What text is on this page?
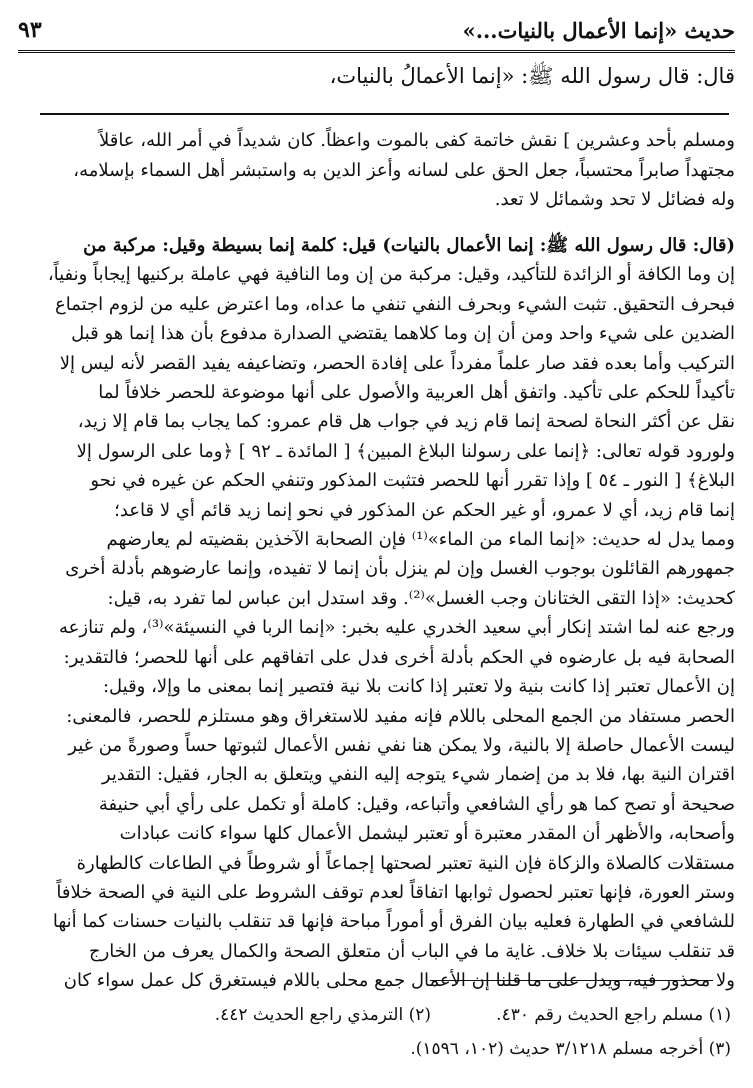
حديث «إنما الأعمال بالنيات...»
٩٣
قال: قال رسول الله ﷺ: «إنما الأعمالُ بالنيات،

ومسلم بأحد وعشرين ] نقش خاتمة كفى بالموت واعظاً. كان شديداً في أمر الله، عاقلاً

مجتهداً صابراً محتسباً، جعل الحق على لسانه وأعز الدين به واستبشر أهل السماء بإسلامه،

وله فضائل لا تحد وشمائل لا تعد.

(قال: قال رسول الله ﷺ: إنما الأعمال بالنيات) قيل: كلمة إنما بسيطة وقيل: مركبة من

إن وما الكافة أو الزائدة للتأكيد، وقيل: مركبة من إن وما النافية فهي عاملة بركنيها إيجاباً ونفياً،

فبحرف التحقيق. تثبت الشيء وبحرف النفي تنفي ما عداه، وما اعترض عليه من لزوم اجتماع

الضدين على شيء واحد ومن أن إن وما كلاهما يقتضي الصدارة مدفوع بأن هذا إنما هو قبل

التركيب وأما بعده فقد صار علماً مفرداً على إفادة الحصر، وتضاعيفه يفيد القصر لأنه ليس إلا

تأكيداً للحكم على تأكيد. واتفق أهل العربية والأصول على أنها موضوعة للحصر خلافاً لما

نقل عن أكثر النحاة لصحة إنما قام زيد في جواب هل قام عمرو: كما يجاب بما قام إلا زيد،

ولورود قوله تعالى: ﴿إنما على رسولنا البلاغ المبين﴾ [ المائدة ـ ٩٢ ] ﴿وما على الرسول إلا

البلاغ﴾ [ النور ـ ٥٤ ] وإذا تقرر أنها للحصر فتثبت المذكور وتنفي الحكم عن غيره في نحو

إنما قام زيد، أي لا عمرو، أو غير الحكم عن المذكور في نحو إنما زيد قائم أي لا قاعد؛

ومما يدل له حديث: «إنما الماء من الماء»⁽¹⁾ فإن الصحابة الآخذين بقضيته لم يعارضهم

جمهورهم القائلون بوجوب الغسل وإن لم ينزل بأن إنما لا تفيده، وإنما عارضوهم بأدلة أخرى

كحديث: «إذا التقى الختانان وجب الغسل»⁽²⁾. وقد استدل ابن عباس لما تفرد به، قيل:

ورجع عنه لما اشتد إنكار أبي سعيد الخدري عليه بخبر: «إنما الربا في النسيئة»⁽³⁾، ولم تنازعه

الصحابة فيه بل عارضوه في الحكم بأدلة أخرى فدل على اتفاقهم على أنها للحصر؛ فالتقدير:

إن الأعمال تعتبر إذا كانت بنية ولا تعتبر إذا كانت بلا نية فتصير إنما بمعنى ما وإلا، وقيل:

الحصر مستفاد من الجمع المحلى باللام فإنه مفيد للاستغراق وهو مستلزم للحصر، فالمعنى:

ليست الأعمال حاصلة إلا بالنية، ولا يمكن هنا نفي نفس الأعمال لثبوتها حساً وصورةً من غير

اقتران النية بها، فلا بد من إضمار شيء يتوجه إليه النفي ويتعلق به الجار، فقيل: التقدير

صحيحة أو تصح كما هو رأي الشافعي وأتباعه، وقيل: كاملة أو تكمل على رأي أبي حنيفة

وأصحابه، والأظهر أن المقدر معتبرة أو تعتبر ليشمل الأعمال كلها سواء كانت عبادات

مستقلات كالصلاة والزكاة فإن النية تعتبر لصحتها إجماعاً أو شروطاً في الطاعات كالطهارة

وستر العورة، فإنها تعتبر لحصول ثوابها اتفاقاً لعدم توقف الشروط على النية في الصحة خلافاً

للشافعي في الطهارة فعليه بيان الفرق أو أموراً مباحة فإنها قد تنقلب بالنيات حسنات كما أنها

قد تنقلب سيئات بلا خلاف. غاية ما في الباب أن متعلق الصحة والكمال يعرف من الخارج

ولا محذور فيه، ويدل على ما قلنا إن الأعمال جمع محلى باللام فيستغرق كل عمل سواء كان

(١) مسلم راجع الحديث رقم ٤٣٠.
(٢) الترمذي راجع الحديث ٤٤٢.
(٣) أخرجه مسلم ٣/١٢١٨ حديث (١٠٢، ١٥٩٦).
